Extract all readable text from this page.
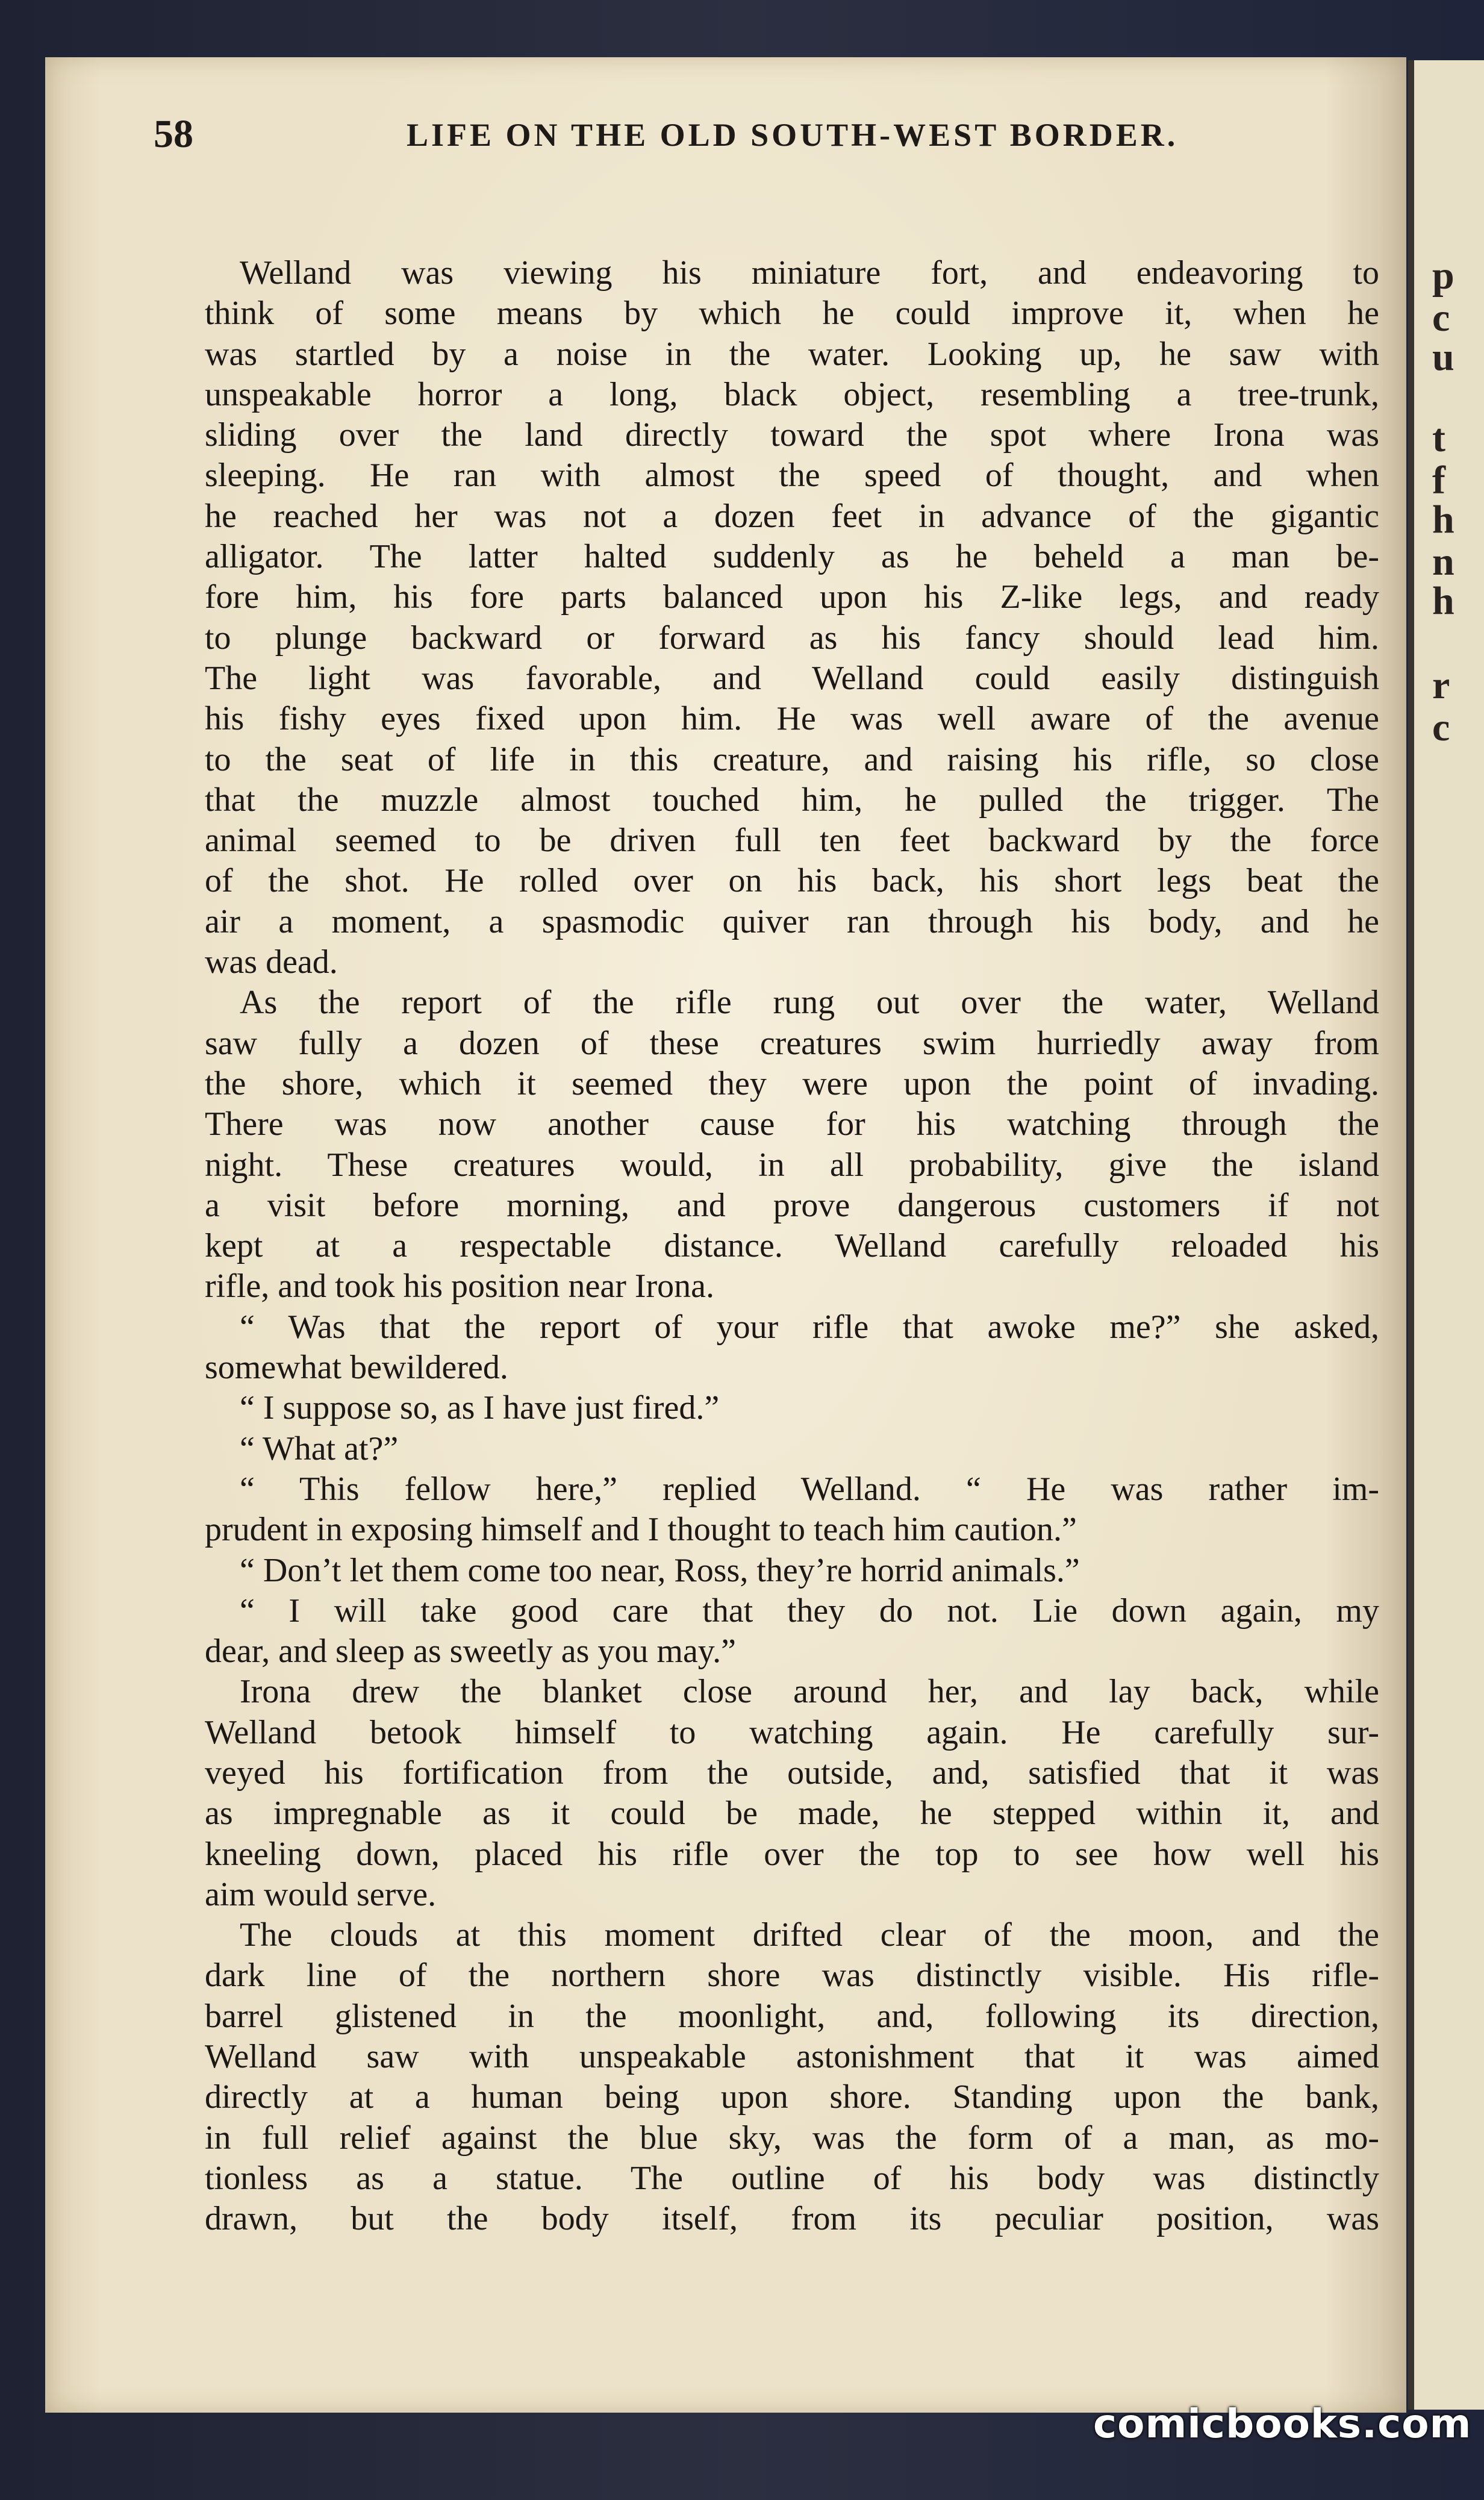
p
c
u
t
f
h
n
h
r
c
58	LIFE ON THE OLD SOUTH-WEST BORDER.
Welland was viewing his miniature fort, and endeavoring to
think of some means by which he could improve it, when he
was startled by a noise in the water. Looking up, he saw with
unspeakable horror a long, black object, resembling a tree-trunk,
sliding over the land directly toward the spot where Irona was
sleeping. He ran with almost the speed of thought, and when
he reached her was not a dozen feet in advance of the gigantic
alligator. The latter halted suddenly as he beheld a man be-
fore him, his fore parts balanced upon his Z-like legs, and ready
to plunge backward or forward as his fancy should lead him.
The light was favorable, and Welland could easily distinguish
his fishy eyes fixed upon him. He was well aware of the avenue
to the seat of life in this creature, and raising his rifle, so close
that the muzzle almost touched him, he pulled the trigger. The
animal seemed to be driven full ten feet backward by the force
of the shot. He rolled over on his back, his short legs beat the
air a moment, a spasmodic quiver ran through his body, and he
was dead.
As the report of the rifle rung out over the water, Welland
saw fully a dozen of these creatures swim hurriedly away from
the shore, which it seemed they were upon the point of invading.
There was now another cause for his watching through the
night. These creatures would, in all probability, give the island
a visit before morning, and prove dangerous customers if not
kept at a respectable distance. Welland carefully reloaded his
rifle, and took his position near Irona.
“ Was that the report of your rifle that awoke me?” she asked,
somewhat bewildered.
“ I suppose so, as I have just fired.”
“ What at?”
“ This fellow here,” replied Welland. “ He was rather im-
prudent in exposing himself and I thought to teach him caution.”
“ Don’t let them come too near, Ross, they’re horrid animals.”
“ I will take good care that they do not. Lie down again, my
dear, and sleep as sweetly as you may.”
Irona drew the blanket close around her, and lay back, while
Welland betook himself to watching again. He carefully sur-
veyed his fortification from the outside, and, satisfied that it was
as impregnable as it could be made, he stepped within it, and
kneeling down, placed his rifle over the top to see how well his
aim would serve.
The clouds at this moment drifted clear of the moon, and the
dark line of the northern shore was distinctly visible. His rifle-
barrel glistened in the moonlight, and, following its direction,
Welland saw with unspeakable astonishment that it was aimed
directly at a human being upon shore. Standing upon the bank,
in full relief against the blue sky, was the form of a man, as mo-
tionless as a statue. The outline of his body was distinctly
drawn, but the body itself, from its peculiar position, was
comicbooks.com
